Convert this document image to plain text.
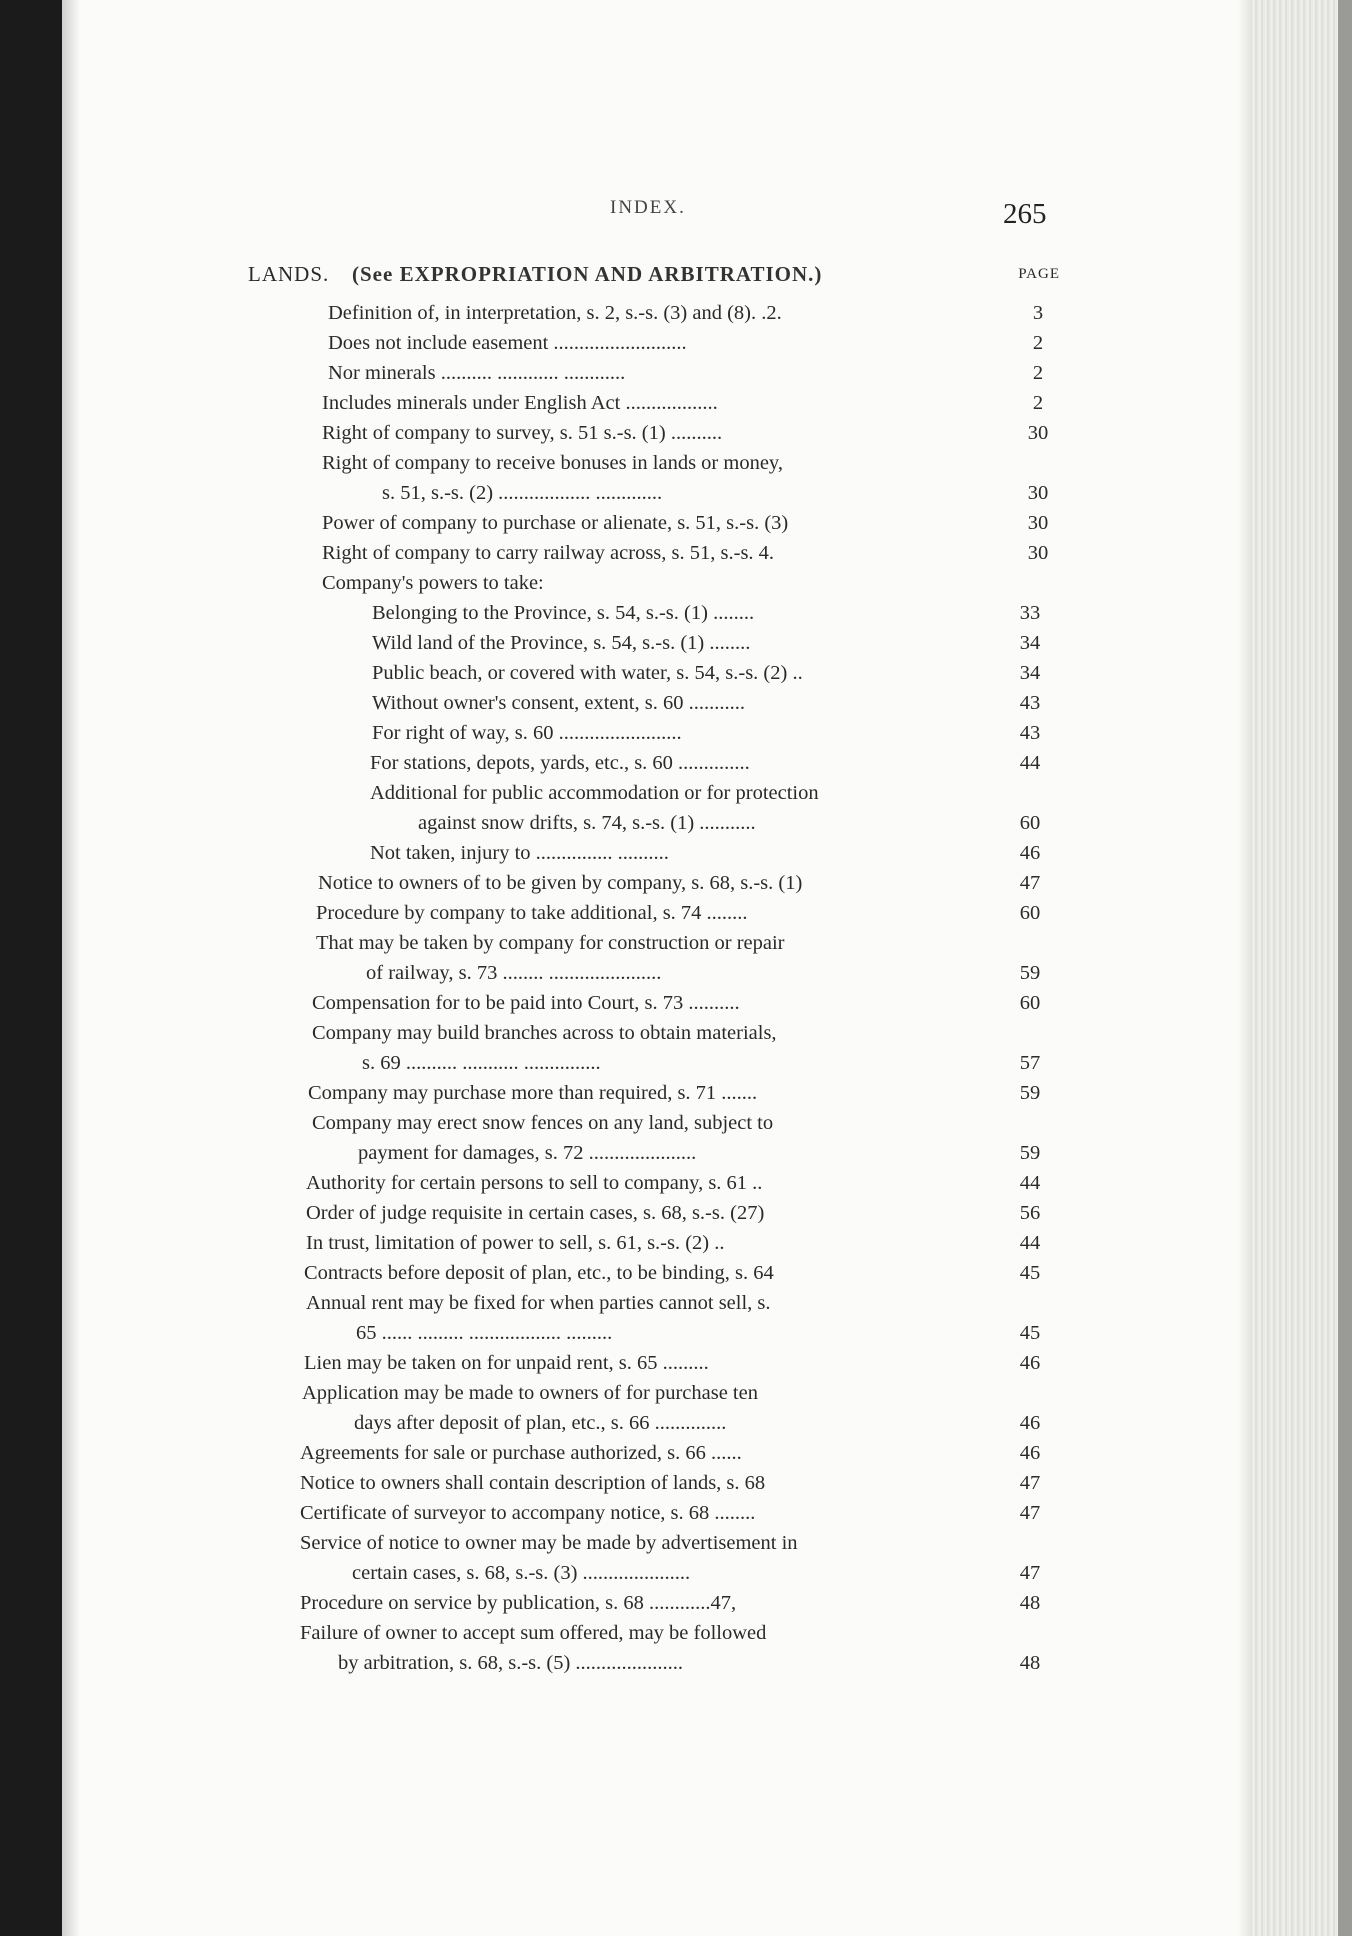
INDEX.	265
LANDS. (See EXPROPRIATION AND ARBITRATION.)	PAGE
Definition of, in interpretation, s. 2, s.-s. (3) and (8). .2.	3
Does not include easement ..........................	2
Nor minerals .......... ............ ............	2
Includes minerals under English Act ..................	2
Right of company to survey, s. 51 s.-s. (1) ..........	30
Right of company to receive bonuses in lands or money,
s. 51, s.-s. (2) .................. .............	30
Power of company to purchase or alienate, s. 51, s.-s. (3)	30
Right of company to carry railway across, s. 51, s.-s. 4.	30
Company's powers to take:
Belonging to the Province, s. 54, s.-s. (1) ........	33
Wild land of the Province, s. 54, s.-s. (1) ........	34
Public beach, or covered with water, s. 54, s.-s. (2) ..	34
Without owner's consent, extent, s. 60 ...........	43
For right of way, s. 60 ........................	43
For stations, depots, yards, etc., s. 60 ..............	44
Additional for public accommodation or for protection
against snow drifts, s. 74, s.-s. (1) ...........	60
Not taken, injury to ............... ..........	46
Notice to owners of to be given by company, s. 68, s.-s. (1)	47
Procedure by company to take additional, s. 74 ........	60
That may be taken by company for construction or repair
of railway, s. 73 ........ ......................	59
Compensation for to be paid into Court, s. 73 ..........	60
Company may build branches across to obtain materials,
s. 69 .......... ........... ...............	57
Company may purchase more than required, s. 71 .......	59
Company may erect snow fences on any land, subject to
payment for damages, s. 72 .....................	59
Authority for certain persons to sell to company, s. 61 ..	44
Order of judge requisite in certain cases, s. 68, s.-s. (27)	56
In trust, limitation of power to sell, s. 61, s.-s. (2) ..	44
Contracts before deposit of plan, etc., to be binding, s. 64	45
Annual rent may be fixed for when parties cannot sell, s.
65 ...... ......... .................. .........	45
Lien may be taken on for unpaid rent, s. 65 .........	46
Application may be made to owners of for purchase ten
days after deposit of plan, etc., s. 66 ..............	46
Agreements for sale or purchase authorized, s. 66 ......	46
Notice to owners shall contain description of lands, s. 68	47
Certificate of surveyor to accompany notice, s. 68 ........	47
Service of notice to owner may be made by advertisement in
certain cases, s. 68, s.-s. (3) .....................	47
Procedure on service by publication, s. 68 ............47,	48
Failure of owner to accept sum offered, may be followed
by arbitration, s. 68, s.-s. (5) .....................	48
